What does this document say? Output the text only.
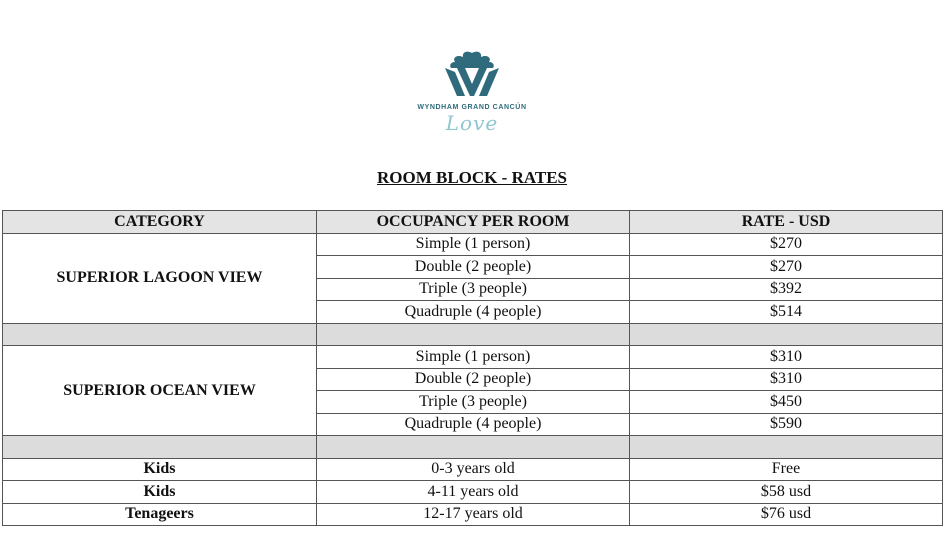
WYNDHAM GRAND CANCÚN
Love
ROOM BLOCK - RATES
CATEGORY	OCCUPANCY PER ROOM	RATE - USD
SUPERIOR LAGOON VIEW	Simple (1 person)	$270
	Double (2 people)	$270
	Triple (3 people)	$392
	Quadruple (4 people)	$514

SUPERIOR OCEAN VIEW	Simple (1 person)	$310
	Double (2 people)	$310
	Triple (3 people)	$450
	Quadruple (4 people)	$590

Kids	0-3 years old	Free
Kids	4-11 years old	$58 usd
Tenageers	12-17 years old	$76 usd
